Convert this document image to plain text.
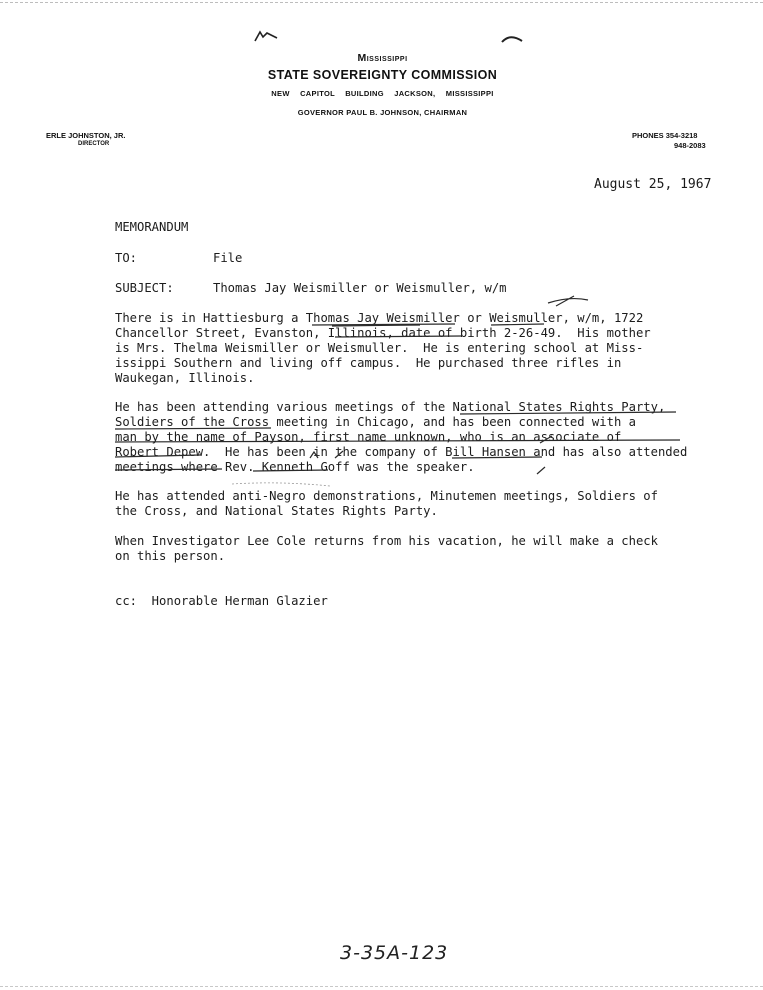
Mississippi
STATE SOVEREIGNTY COMMISSION
NEW CAPITOL BUILDING JACKSON, MISSISSIPPI
GOVERNOR PAUL B. JOHNSON, CHAIRMAN
ERLE JOHNSTON, JR.
DIRECTOR
PHONES 354-3218
948-2083
August 25, 1967
MEMORANDUM
TO:	File
SUBJECT:	Thomas Jay Weismiller or Weismuller, w/m
There is in Hattiesburg a Thomas Jay Weismiller or Weismuller, w/m, 1722
Chancellor Street, Evanston, Illinois, date of birth 2-26-49.  His mother
is Mrs. Thelma Weismiller or Weismuller.  He is entering school at Miss-
issippi Southern and living off campus.  He purchased three rifles in
Waukegan, Illinois.
He has been attending various meetings of the National States Rights Party,
Soldiers of the Cross meeting in Chicago, and has been connected with a
man by the name of Payson, first name unknown, who is an associate of
Robert Depew.  He has been in the company of Bill Hansen and has also attended
meetings where Rev. Kenneth Goff was the speaker.
He has attended anti-Negro demonstrations, Minutemen meetings, Soldiers of
the Cross, and National States Rights Party.
When Investigator Lee Cole returns from his vacation, he will make a check
on this person.
cc:  Honorable Herman Glazier
3-35A-123
